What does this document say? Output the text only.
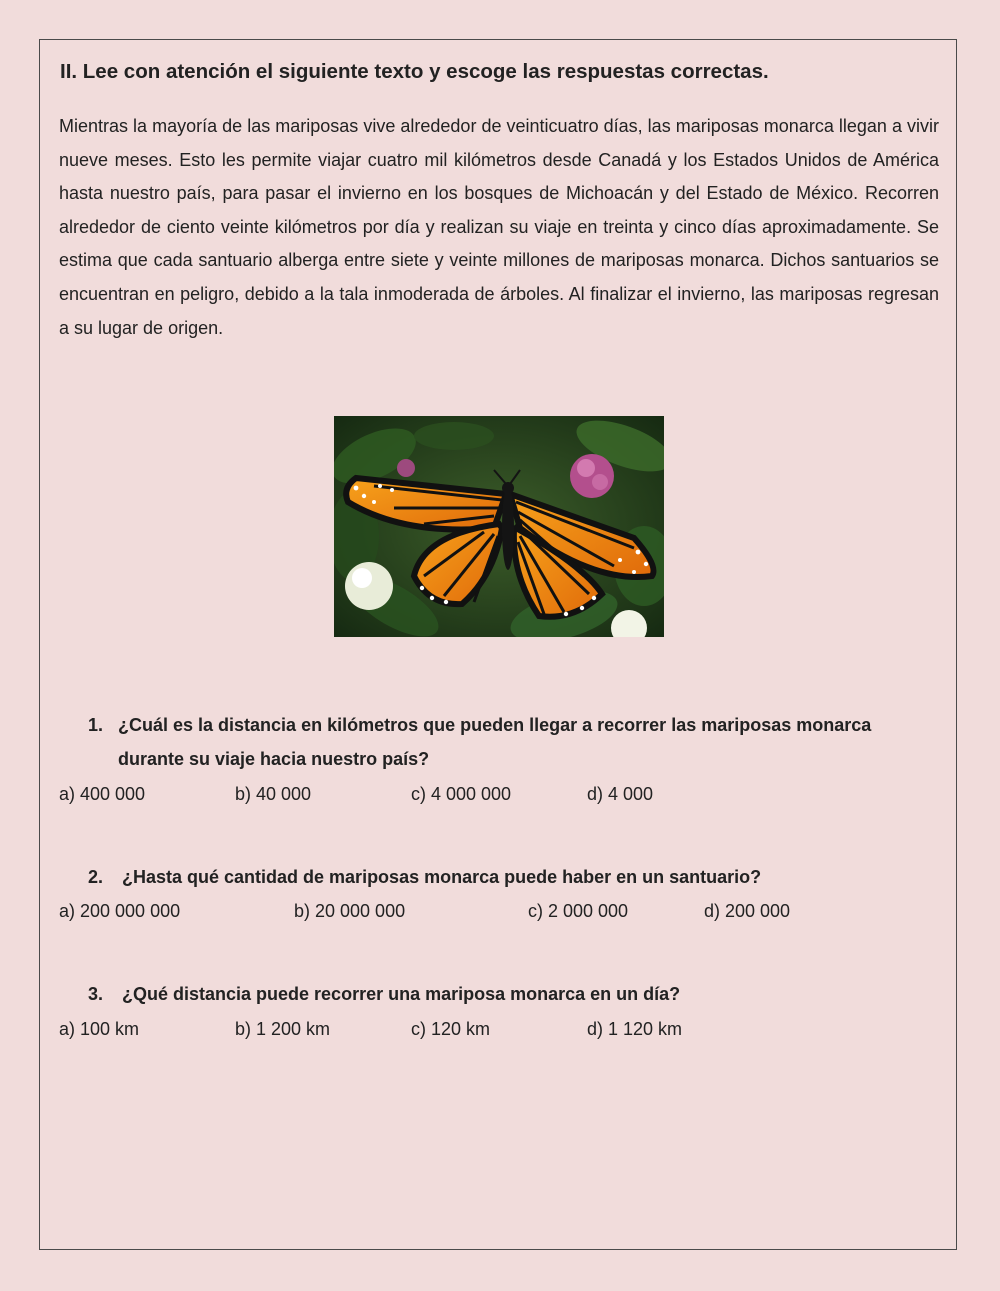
II. Lee con atención el siguiente texto y escoge las respuestas correctas.

Mientras la mayoría de las mariposas vive alrededor de veinticuatro días, las mariposas monarca llegan a vivir nueve meses. Esto les permite viajar cuatro mil kilómetros desde Canadá y los Estados Unidos de América hasta nuestro país, para pasar el invierno en los bosques de Michoacán y del Estado de México. Recorren alrededor de ciento veinte kilómetros por día y realizan su viaje en treinta y cinco días aproximadamente. Se estima que cada santuario alberga entre siete y veinte millones de mariposas monarca. Dichos santuarios se encuentran en peligro, debido a la tala inmoderada de árboles. Al finalizar el invierno, las mariposas regresan a su lugar de origen.

1. ¿Cuál es la distancia en kilómetros que pueden llegar a recorrer las mariposas monarca durante su viaje hacia nuestro país?

a) 400 000	b) 40 000	c) 4 000 000	d) 4 000
2. ¿Hasta qué cantidad de mariposas monarca puede haber en un santuario?

a) 200 000 000	b) 20 000 000	c) 2 000 000	d) 200 000
3. ¿Qué distancia puede recorrer una mariposa monarca en un día?

a) 100 km	b) 1 200 km	c) 120 km	d) 1 120 km
